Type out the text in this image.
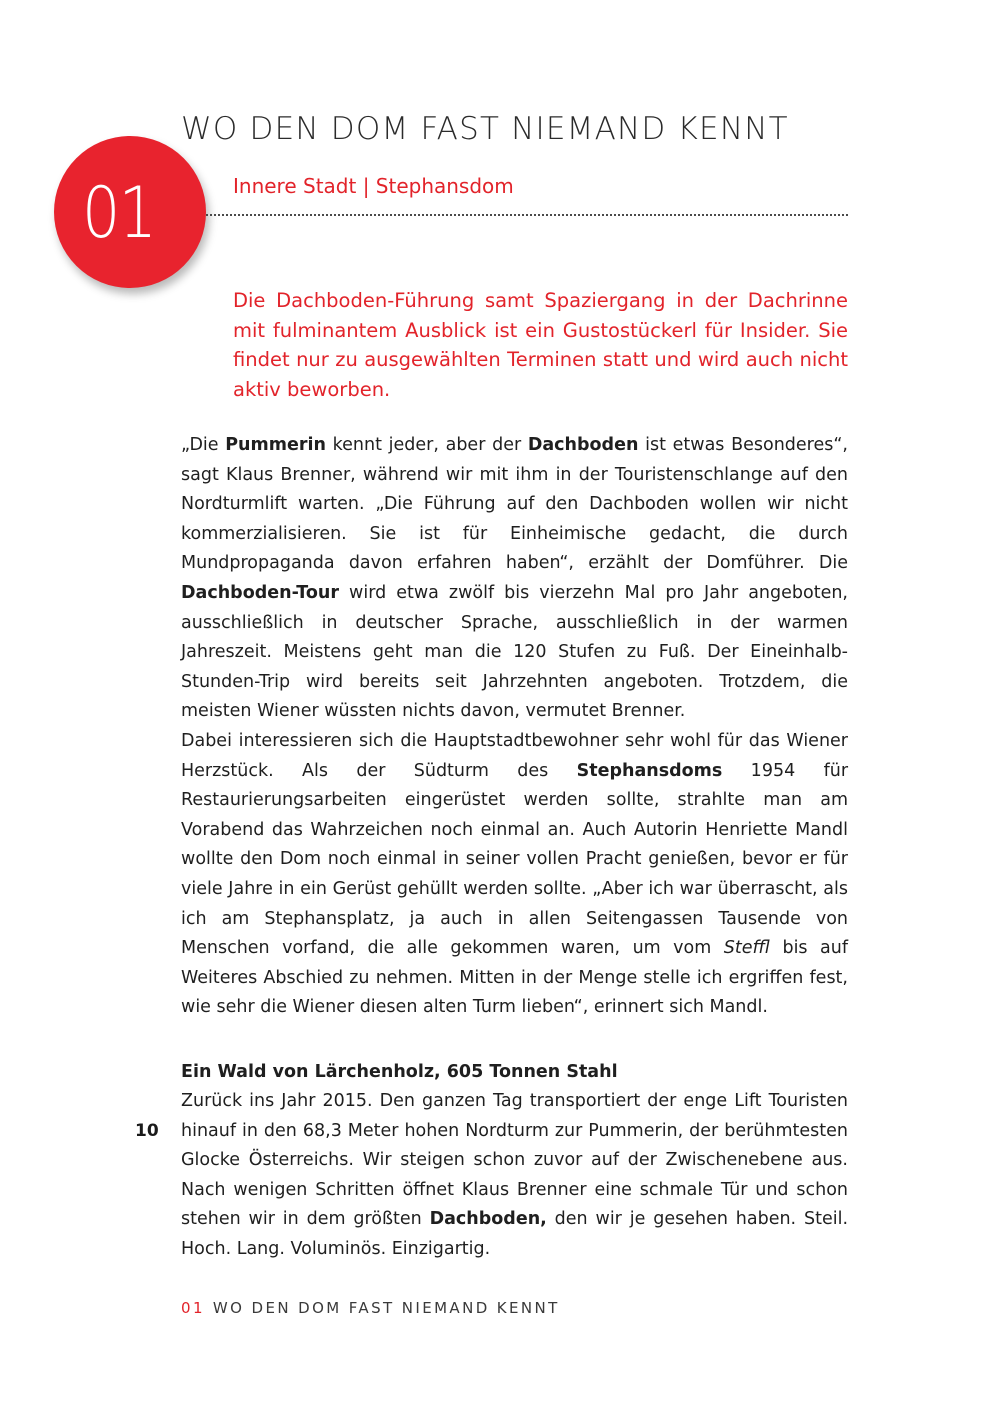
01
WO DEN DOM FAST NIEMAND KENNT
Innere Stadt | Stephansdom
Die Dachboden-Führung samt Spaziergang in der Dachrinne mit fulminantem Ausblick ist ein Gustostückerl für Insider. Sie findet nur zu ausgewählten Terminen statt und wird auch nicht aktiv beworben.

„Die Pummerin kennt jeder, aber der Dachboden ist etwas Besonderes“, sagt Klaus Brenner, während wir mit ihm in der Touristenschlange auf den Nordturmlift warten. „Die Führung auf den Dachboden wollen wir nicht kommerzialisieren. Sie ist für Einheimische gedacht, die durch Mundpropaganda davon erfahren haben“, erzählt der Domführer. Die Dachboden-Tour wird etwa zwölf bis vierzehn Mal pro Jahr angeboten, ausschließlich in deutscher Sprache, ausschließlich in der warmen Jahreszeit. Meistens geht man die 120 Stufen zu Fuß. Der Eineinhalb-Stunden-Trip wird bereits seit Jahrzehnten angeboten. Trotzdem, die meisten Wiener wüssten nichts davon, vermutet Brenner.

Dabei interessieren sich die Hauptstadtbewohner sehr wohl für das Wiener Herzstück. Als der Südturm des Stephansdoms 1954 für Restaurierungsarbeiten eingerüstet werden sollte, strahlte man am Vorabend das Wahrzeichen noch einmal an. Auch Autorin Henriette Mandl wollte den Dom noch einmal in seiner vollen Pracht genießen, bevor er für viele Jahre in ein Gerüst gehüllt werden sollte. „Aber ich war überrascht, als ich am Stephansplatz, ja auch in allen Seitengassen Tausende von Menschen vorfand, die alle gekommen waren, um vom Steffl bis auf Weiteres Abschied zu nehmen. Mitten in der Menge stelle ich ergriffen fest, wie sehr die Wiener diesen alten Turm lieben“, erinnert sich Mandl.

Ein Wald von Lärchenholz, 605 Tonnen Stahl
Zurück ins Jahr 2015. Den ganzen Tag transportiert der enge Lift Touristen hinauf in den 68,3 Meter hohen Nordturm zur Pummerin, der berühmtesten Glocke Österreichs. Wir steigen schon zuvor auf der Zwischenebene aus. Nach wenigen Schritten öffnet Klaus Brenner eine schmale Tür und schon stehen wir in dem größten Dachboden, den wir je gesehen haben. Steil. Hoch. Lang. Voluminös. Einzigartig.
10
01 WO DEN DOM FAST NIEMAND KENNT
